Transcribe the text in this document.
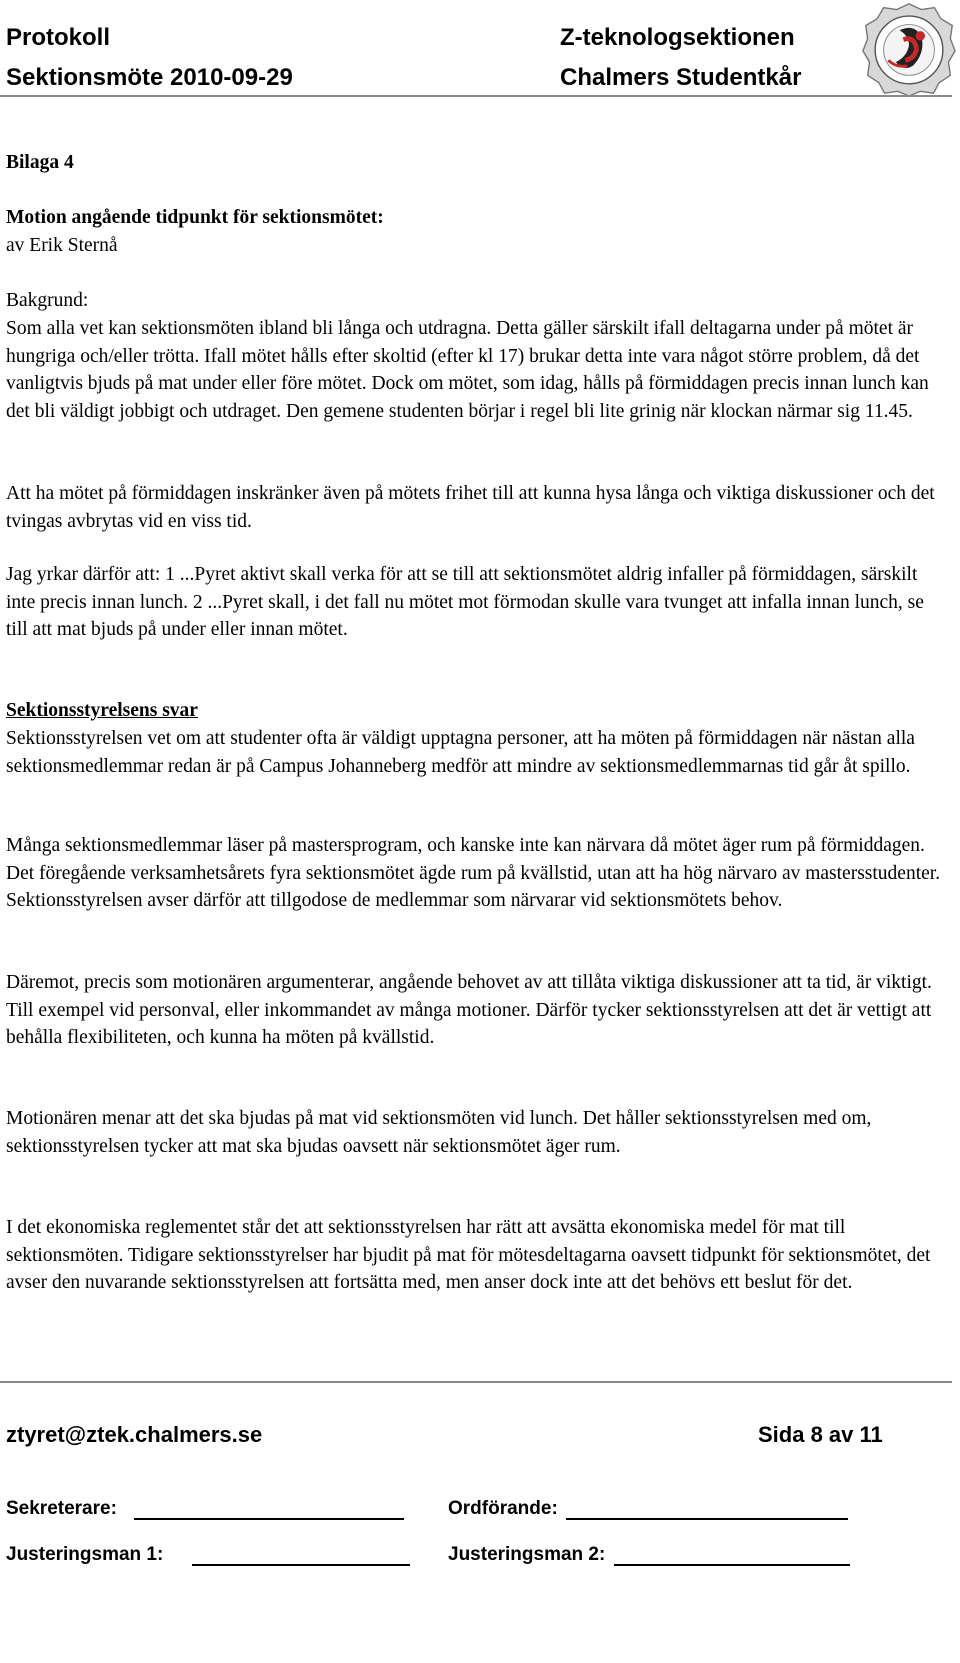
Protokoll
Sektionsmöte 2010-09-29
Z-teknologsektionen
Chalmers Studentkår

Bilaga 4

Motion angående tidpunkt för sektionsmötet:

av Erik Sternå

Bakgrund:

Som alla vet kan sektionsmöten ibland bli långa och utdragna. Detta gäller särskilt ifall deltagarna under på mötet är hungriga och/eller trötta. Ifall mötet hålls efter skoltid (efter kl 17) brukar detta inte vara något större problem, då det vanligtvis bjuds på mat under eller före mötet. Dock om mötet, som idag, hålls på förmiddagen precis innan lunch kan det bli väldigt jobbigt och utdraget. Den gemene studenten börjar i regel bli lite grinig när klockan närmar sig 11.45.

Att ha mötet på förmiddagen inskränker även på mötets frihet till att kunna hysa långa och viktiga diskussioner och det tvingas avbrytas vid en viss tid.

Jag yrkar därför att: 1 ...Pyret aktivt skall verka för att se till att sektionsmötet aldrig infaller på förmiddagen, särskilt inte precis innan lunch. 2 ...Pyret skall, i det fall nu mötet mot förmodan skulle vara tvunget att infalla innan lunch, se till att mat bjuds på under eller innan mötet.

Sektionsstyrelsens svar

Sektionsstyrelsen vet om att studenter ofta är väldigt upptagna personer, att ha möten på förmiddagen när nästan alla sektionsmedlemmar redan är på Campus Johanneberg medför att mindre av sektionsmedlemmarnas tid går åt spillo.

Många sektionsmedlemmar läser på mastersprogram, och kanske inte kan närvara då mötet äger rum på förmiddagen. Det föregående verksamhetsårets fyra sektionsmötet ägde rum på kvällstid, utan att ha hög närvaro av mastersstudenter. Sektionsstyrelsen avser därför att tillgodose de medlemmar som närvarar vid sektionsmötets behov.

Däremot, precis som motionären argumenterar, angående behovet av att tillåta viktiga diskussioner att ta tid, är viktigt. Till exempel vid personval, eller inkommandet av många motioner. Därför tycker sektionsstyrelsen att det är vettigt att behålla flexibiliteten, och kunna ha möten på kvällstid.

Motionären menar att det ska bjudas på mat vid sektionsmöten vid lunch. Det håller sektionsstyrelsen med om, sektionsstyrelsen tycker att mat ska bjudas oavsett när sektionsmötet äger rum.

I det ekonomiska reglementet står det att sektionsstyrelsen har rätt att avsätta ekonomiska medel för mat till sektionsmöten. Tidigare sektionsstyrelser har bjudit på mat för mötesdeltagarna oavsett tidpunkt för sektionsmötet, det avser den nuvarande sektionsstyrelsen att fortsätta med, men anser dock inte att det behövs ett beslut för det.

ztyret@ztek.chalmers.se	Sida 8 av 11
Sekreterare:	Ordförande:
Justeringsman 1:	Justeringsman 2:
